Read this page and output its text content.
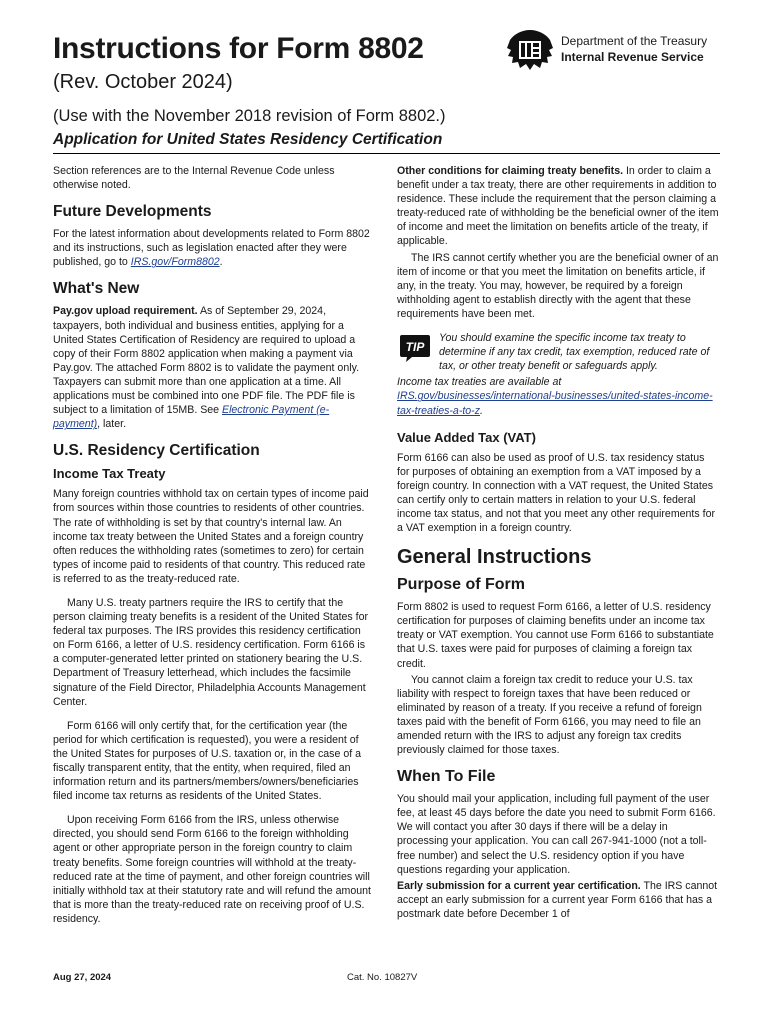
Instructions for Form 8802
(Rev. October 2024)
(Use with the November 2018 revision of Form 8802.)
Application for United States Residency Certification
Department of the Treasury
Internal Revenue Service

Section references are to the Internal Revenue Code unless otherwise noted.

Future Developments

For the latest information about developments related to Form 8802 and its instructions, such as legislation enacted after they were published, go to IRS.gov/Form8802.

What's New

Pay.gov upload requirement. As of September 29, 2024, taxpayers, both individual and business entities, applying for a United States Certification of Residency are required to upload a copy of their Form 8802 application when making a payment via Pay.gov. The attached Form 8802 is to validate the payment only. Taxpayers can submit more than one application at a time. All applications must be combined into one PDF file. The PDF file is subject to a limitation of 15MB. See Electronic Payment (e-payment), later.

U.S. Residency Certification
Income Tax Treaty

Many foreign countries withhold tax on certain types of income paid from sources within those countries to residents of other countries. The rate of withholding is set by that country's internal law. An income tax treaty between the United States and a foreign country often reduces the withholding rates (sometimes to zero) for certain types of income paid to residents of that country. This reduced rate is referred to as the treaty-reduced rate.

Many U.S. treaty partners require the IRS to certify that the person claiming treaty benefits is a resident of the United States for federal tax purposes. The IRS provides this residency certification on Form 6166, a letter of U.S. residency certification. Form 6166 is a computer-generated letter printed on stationery bearing the U.S. Department of Treasury letterhead, which includes the facsimile signature of the Field Director, Philadelphia Accounts Management Center.

Form 6166 will only certify that, for the certification year (the period for which certification is requested), you were a resident of the United States for purposes of U.S. taxation or, in the case of a fiscally transparent entity, that the entity, when required, filed an information return and its partners/members/owners/beneficiaries filed income tax returns as residents of the United States.

Upon receiving Form 6166 from the IRS, unless otherwise directed, you should send Form 6166 to the foreign withholding agent or other appropriate person in the foreign country to claim treaty benefits. Some foreign countries will withhold at the treaty-reduced rate at the time of payment, and other foreign countries will initially withhold tax at their statutory rate and will refund the amount that is more than the treaty-reduced rate on receiving proof of U.S. residency.

Other conditions for claiming treaty benefits. In order to claim a benefit under a tax treaty, there are other requirements in addition to residence. These include the requirement that the person claiming a treaty-reduced rate of withholding be the beneficial owner of the item of income and meet the limitation on benefits article of the treaty, if applicable.

The IRS cannot certify whether you are the beneficial owner of an item of income or that you meet the limitation on benefits article, if any, in the treaty. You may, however, be required by a foreign withholding agent to establish directly with the agent that these requirements have been met.

TIP
You should examine the specific income tax treaty to determine if any tax credit, tax exemption, reduced rate of tax, or other treaty benefit or safeguards apply.

Income tax treaties are available at IRS.gov/businesses/international-businesses/united-states-income-tax-treaties-a-to-z.

Value Added Tax (VAT)

Form 6166 can also be used as proof of U.S. tax residency status for purposes of obtaining an exemption from a VAT imposed by a foreign country. In connection with a VAT request, the United States can certify only to certain matters in relation to your U.S. federal income tax status, and not that you meet any other requirements for a VAT exemption in a foreign country.

General Instructions
Purpose of Form

Form 8802 is used to request Form 6166, a letter of U.S. residency certification for purposes of claiming benefits under an income tax treaty or VAT exemption. You cannot use Form 6166 to substantiate that U.S. taxes were paid for purposes of claiming a foreign tax credit.

You cannot claim a foreign tax credit to reduce your U.S. tax liability with respect to foreign taxes that have been reduced or eliminated by reason of a treaty. If you receive a refund of foreign taxes paid with the benefit of Form 6166, you may need to file an amended return with the IRS to adjust any foreign tax credits previously claimed for those taxes.

When To File

You should mail your application, including full payment of the user fee, at least 45 days before the date you need to submit Form 6166. We will contact you after 30 days if there will be a delay in processing your application. You can call 267-941-1000 (not a toll-free number) and select the U.S. residency option if you have questions regarding your application.

Early submission for a current year certification. The IRS cannot accept an early submission for a current year Form 6166 that has a postmark date before December 1 of

Aug 27, 2024	Cat. No. 10827V
